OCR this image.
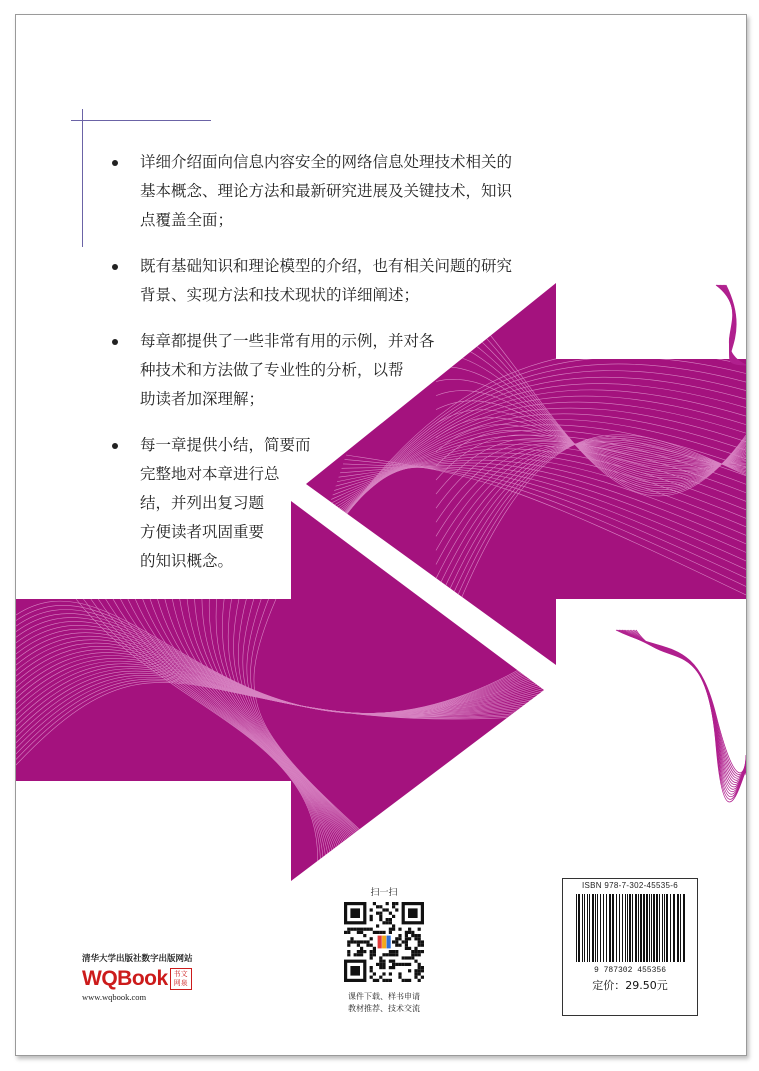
详细介绍面向信息内容安全的网络信息处理技术相关的
基本概念、理论方法和最新研究进展及关键技术，知识
点覆盖全面；
既有基础知识和理论模型的介绍，也有相关问题的研究
背景、实现方法和技术现状的详细阐述；
每章都提供了一些非常有用的示例，并对各
种技术和方法做了专业性的分析，以帮
助读者加深理解；
每一章提供小结，简要而
完整地对本章进行总
结，并列出复习题
方便读者巩固重要
的知识概念。
扫一扫
课件下载、样书申请
教材推荐、技术交流
清华大学出版社数字出版网站
WQBook 书文
网泉
www.wqbook.com
ISBN 978-7-302-45535-6
9 787302 455356
定价：29.50元
